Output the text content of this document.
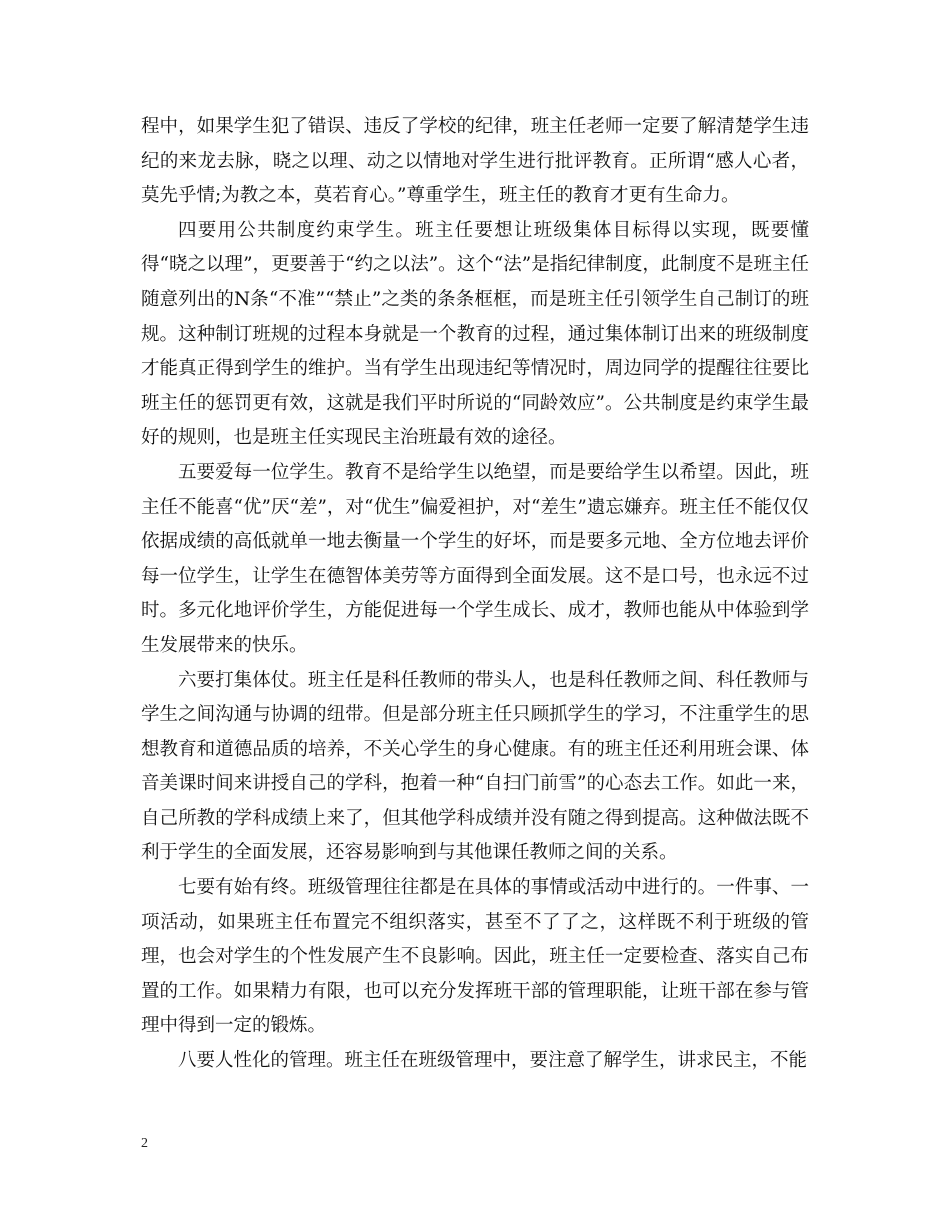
程中，如果学生犯了错误、违反了学校的纪律，班主任老师一定要了解清楚学生违纪的来龙去脉，晓之以理、动之以情地对学生进行批评教育。正所谓“感人心者，莫先乎情;为教之本，莫若育心。”尊重学生，班主任的教育才更有生命力。

四要用公共制度约束学生。班主任要想让班级集体目标得以实现，既要懂得“晓之以理”，更要善于“约之以法”。这个“法”是指纪律制度，此制度不是班主任随意列出的N条“不准”“禁止”之类的条条框框，而是班主任引领学生自己制订的班规。这种制订班规的过程本身就是一个教育的过程，通过集体制订出来的班级制度才能真正得到学生的维护。当有学生出现违纪等情况时，周边同学的提醒往往要比班主任的惩罚更有效，这就是我们平时所说的“同龄效应”。公共制度是约束学生最好的规则，也是班主任实现民主治班最有效的途径。

五要爱每一位学生。教育不是给学生以绝望，而是要给学生以希望。因此，班主任不能喜“优”厌“差”，对“优生”偏爱袒护，对“差生”遗忘嫌弃。班主任不能仅仅依据成绩的高低就单一地去衡量一个学生的好坏，而是要多元地、全方位地去评价每一位学生，让学生在德智体美劳等方面得到全面发展。这不是口号，也永远不过时。多元化地评价学生，方能促进每一个学生成长、成才，教师也能从中体验到学生发展带来的快乐。

六要打集体仗。班主任是科任教师的带头人，也是科任教师之间、科任教师与学生之间沟通与协调的纽带。但是部分班主任只顾抓学生的学习，不注重学生的思想教育和道德品质的培养，不关心学生的身心健康。有的班主任还利用班会课、体音美课时间来讲授自己的学科，抱着一种“自扫门前雪”的心态去工作。如此一来，自己所教的学科成绩上来了，但其他学科成绩并没有随之得到提高。这种做法既不利于学生的全面发展，还容易影响到与其他课任教师之间的关系。

七要有始有终。班级管理往往都是在具体的事情或活动中进行的。一件事、一项活动，如果班主任布置完不组织落实，甚至不了了之，这样既不利于班级的管理，也会对学生的个性发展产生不良影响。因此，班主任一定要检查、落实自己布置的工作。如果精力有限，也可以充分发挥班干部的管理职能，让班干部在参与管理中得到一定的锻炼。

八要人性化的管理。班主任在班级管理中，要注意了解学生，讲求民主，不能

2
